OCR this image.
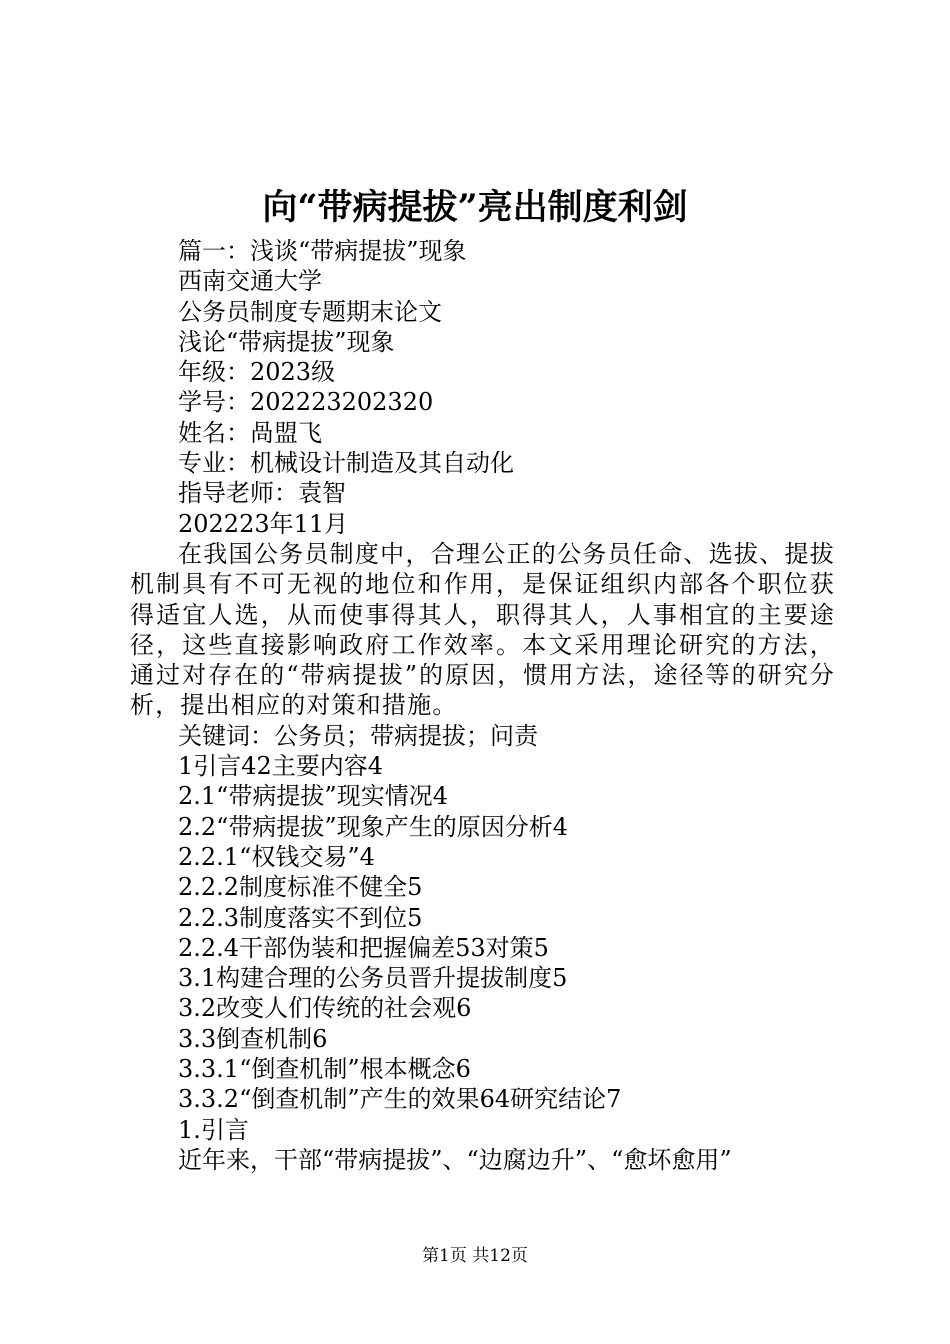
向“带病提拔”亮出制度利剑
篇一：浅谈“带病提拔”现象
西南交通大学
公务员制度专题期末论文
浅论“带病提拔”现象
年级：2023级
学号：202223202320
姓名：咼盟飞
专业：机械设计制造及其自动化
指导老师：袁智
202223年11月

在我国公务员制度中，合理公正的公务员任命、选拔、提拔机制具有不可无视的地位和作用，是保证组织内部各个职位获得适宜人选，从而使事得其人，职得其人，人事相宜的主要途径，这些直接影响政府工作效率。本文采用理论研究的方法，通过对存在的“带病提拔”的原因，惯用方法，途径等的研究分析，提出相应的对策和措施。

关键词：公务员；带病提拔；问责
1引言42主要内容4
2.1“带病提拔”现实情况4
2.2“带病提拔”现象产生的原因分析4
2.2.1“权钱交易”4
2.2.2制度标准不健全5
2.2.3制度落实不到位5
2.2.4干部伪装和把握偏差53对策5
3.1构建合理的公务员晋升提拔制度5
3.2改变人们传统的社会观6
3.3倒查机制6
3.3.1“倒查机制”根本概念6
3.3.2“倒查机制”产生的效果64研究结论7
1.引言
近年来，干部“带病提拔”、“边腐边升”、“愈坏愈用”
第1页 共12页
